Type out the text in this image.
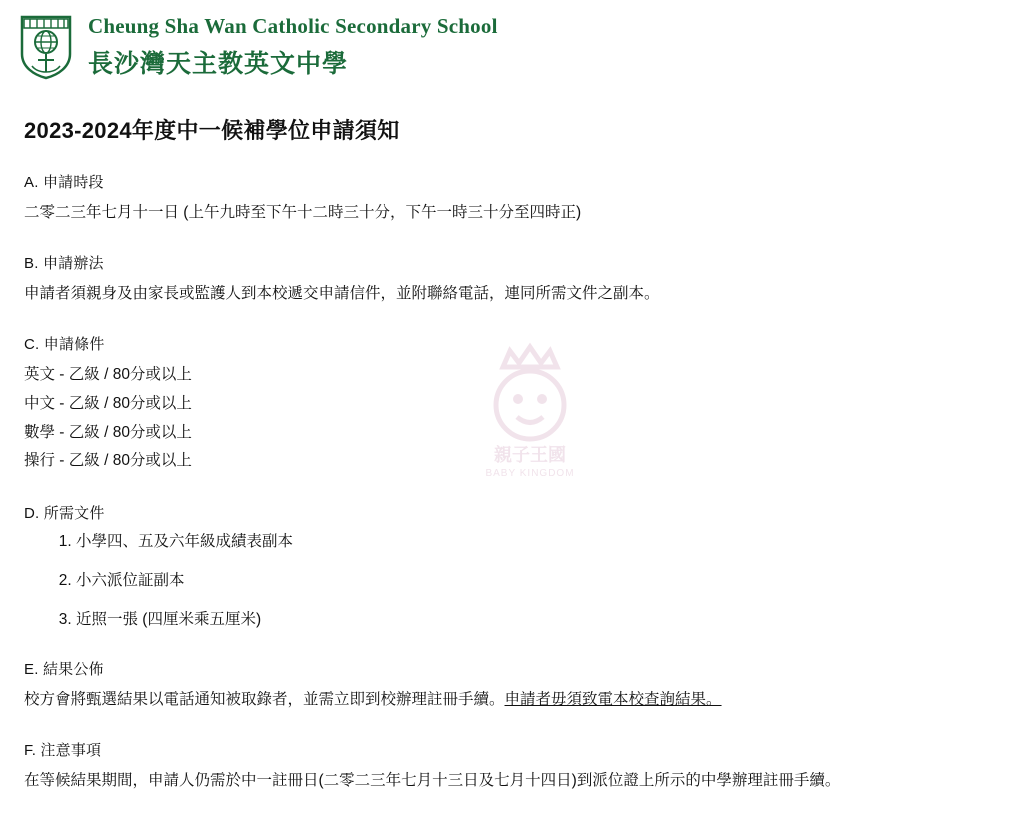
Cheung Sha Wan Catholic Secondary School
長沙灣天主教英文中學
親子王國
BABY KINGDOM
2023-2024年度中一候補學位申請須知
A. 申請時段
二零二三年七月十一日 (上午九時至下午十二時三十分，下午一時三十分至四時正)
B. 申請辦法
申請者須親身及由家長或監護人到本校遞交申請信件，並附聯絡電話，連同所需文件之副本。
C. 申請條件
英文 - 乙級 / 80分或以上
中文 - 乙級 / 80分或以上
數學 - 乙級 / 80分或以上
操行 - 乙級 / 80分或以上
D. 所需文件
1. 小學四、五及六年級成績表副本
2. 小六派位証副本
3. 近照一張 (四厘米乘五厘米)
E. 結果公佈
校方會將甄選結果以電話通知被取錄者，並需立即到校辦理註冊手續。申請者毋須致電本校查詢結果。
F. 注意事項
在等候結果期間，申請人仍需於中一註冊日(二零二三年七月十三日及七月十四日)到派位證上所示的中學辦理註冊手續。
